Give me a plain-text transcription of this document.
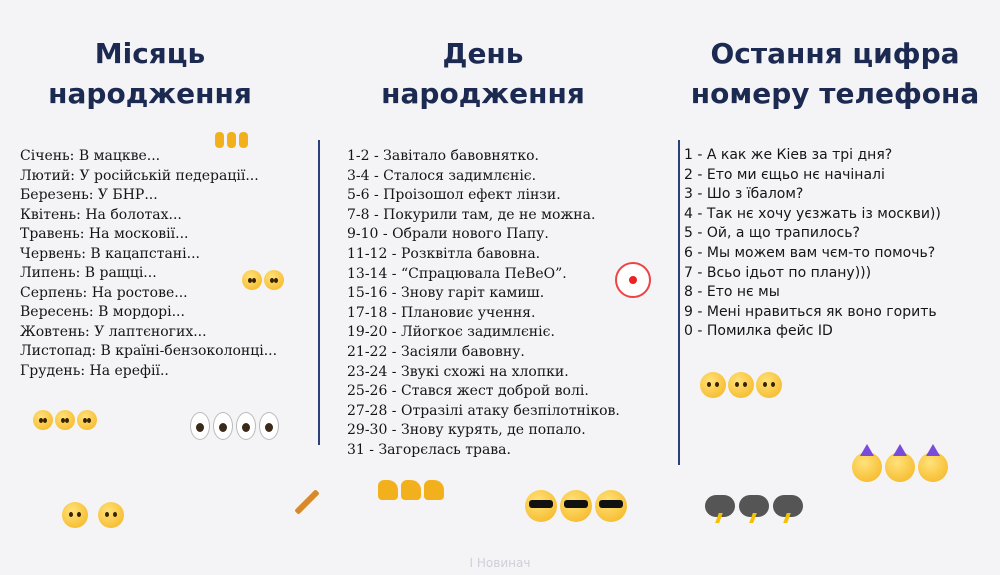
Місяць
народження
День
народження
Остання цифра
номеру телефона
Січень: В мацкве...
Лютий: У російській педерації...
Березень: У БНР...
Квітень: На болотах...
Травень: На московії...
Червень: В кацапстані...
Липень: В ращці...
Серпень: На ростове...
Вересень: В мордорі...
Жовтень: У лаптєногих...
Листопад: В країні-бензоколонці...
Грудень: На ерефії..
1-2 - Завітало бавовнятко.
3-4 - Сталося задимлєніє.
5-6 - Проізошол ефект лінзи.
7-8 - Покурили там, де не можна.
9-10 - Обрали нового Папу.
11-12 - Розквітла бавовна.
13-14 - “Спрацювала ПеВеО”.
15-16 - Знову гаріт камиш.
17-18 - Плановиє учення.
19-20 - Лйогкоє задимлєніє.
21-22 - Засіяли бавовну.
23-24 - Звукі схожі на хлопки.
25-26 - Стався жест доброй волі.
27-28 - Отразілі атаку безпілотніков.
29-30 - Знову курять, де попало.
31 - Загорєлась трава.
1 - А как же Кіев за трі дня?
2 - Ето ми єщьо нє начіналі
3 - Шо з їбалом?
4 - Так нє хочу уєзжать із москви))
5 - Ой, а що трапилось?
6 - Мы можем вам чєм-то помочь?
7 - Всьо ідьот по плану)))
8 - Ето нє мы
9 - Мені нравиться як воно горить
0 - Помилка фейс ID
I Новинач
